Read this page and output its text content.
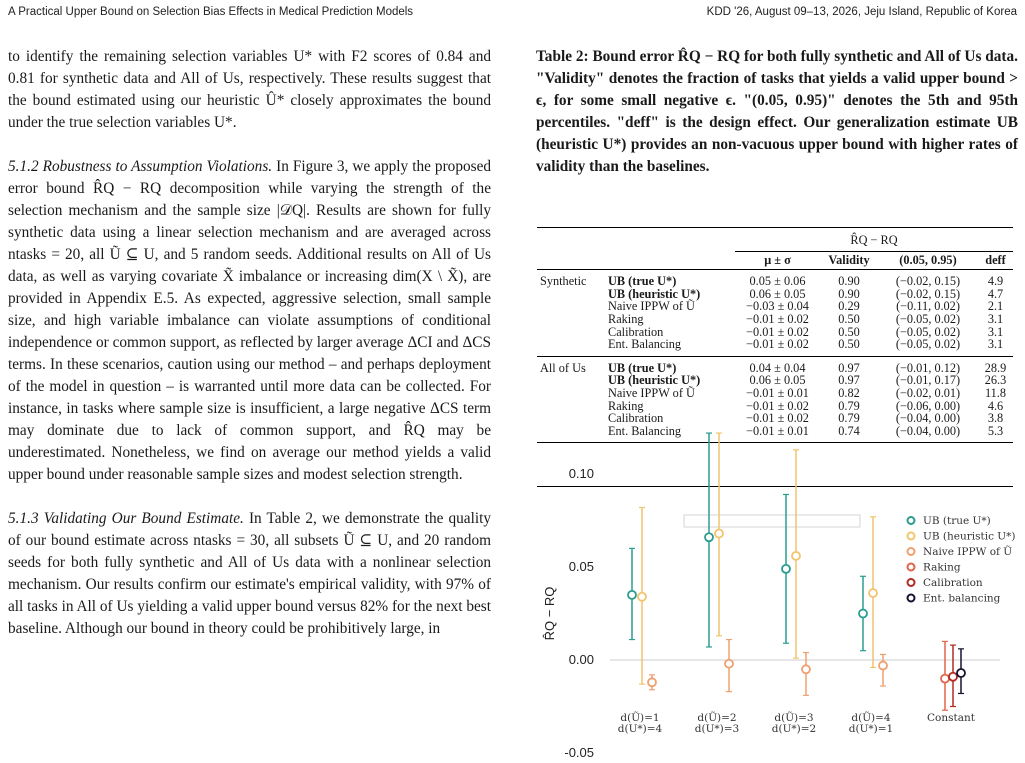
A Practical Upper Bound on Selection Bias Effects in Medical Prediction Models	KDD '26, August 09–13, 2026, Jeju Island, Republic of Korea

to identify the remaining selection variables U* with F2 scores of 0.84 and 0.81 for synthetic data and All of Us, respectively. These results suggest that the bound estimated using our heuristic Û* closely approximates the bound under the true selection variables U*.

5.1.2 Robustness to Assumption Violations. In Figure 3, we apply the proposed error bound R̂Q − RQ decomposition while varying the strength of the selection mechanism and the sample size |𝒟Q|. Results are shown for fully synthetic data using a linear selection mechanism and are averaged across ntasks = 20, all Ũ ⊆ U, and 5 random seeds. Additional results on All of Us data, as well as varying covariate X̃ imbalance or increasing dim(X \ X̃), are provided in Appendix E.5. As expected, aggressive selection, small sample size, and high variable imbalance can violate assumptions of conditional independence or common support, as reflected by larger average ΔCI and ΔCS terms. In these scenarios, caution using our method – and perhaps deployment of the model in question – is warranted until more data can be collected. For instance, in tasks where sample size is insufficient, a large negative ΔCS term may dominate due to lack of common support, and R̂Q may be underestimated. Nonetheless, we find on average our method yields a valid upper bound under reasonable sample sizes and modest selection strength.

5.1.3 Validating Our Bound Estimate. In Table 2, we demonstrate the quality of our bound estimate across ntasks = 30, all subsets Ũ ⊆ U, and 20 random seeds for both fully synthetic and All of Us data with a nonlinear selection mechanism. Our results confirm our estimate's empirical validity, with 97% of all tasks in All of Us yielding a valid upper bound versus 82% for the next best baseline. Although our bound in theory could be prohibitively large, in

Table 2: Bound error R̂Q − RQ for both fully synthetic and All of Us data. "Validity" denotes the fraction of tasks that yields a valid upper bound > ϵ, for some small negative ϵ. "(0.05, 0.95)" denotes the 5th and 95th percentiles. "deff" is the design effect. Our generalization estimate UB (heuristic U*) provides an non-vacuous upper bound with higher rates of validity than the baselines.
		R̂Q − RQ			
		μ ± σ	Validity	(0.05, 0.95)	deff
Synthetic	UB (true U*)	0.05 ± 0.06	0.90	(−0.02, 0.15)	4.9
	UB (heuristic U*)	0.06 ± 0.05	0.90	(−0.02, 0.15)	4.7
	Naive IPPW of Ũ	−0.03 ± 0.04	0.29	(−0.11, 0.02)	2.1
	Raking	−0.01 ± 0.02	0.50	(−0.05, 0.02)	3.1
	Calibration	−0.01 ± 0.02	0.50	(−0.05, 0.02)	3.1
	Ent. Balancing	−0.01 ± 0.02	0.50	(−0.05, 0.02)	3.1
All of Us	UB (true U*)	0.04 ± 0.04	0.97	(−0.01, 0.12)	28.9
	UB (heuristic U*)	0.06 ± 0.05	0.97	(−0.01, 0.17)	26.3
	Naive IPPW of Ũ	−0.01 ± 0.01	0.82	(−0.02, 0.01)	11.8
	Raking	−0.01 ± 0.02	0.79	(−0.06, 0.00)	4.6
	Calibration	−0.01 ± 0.02	0.79	(−0.04, 0.00)	3.8
	Ent. Balancing	−0.01 ± 0.01	0.74	(−0.04, 0.00)	5.3
0.10
0.05
0.00
-0.05
R̂Q − RQ
d(Ũ)=1
d(U*)=4
d(Ũ)=2
d(U*)=3
d(Ũ)=3
d(U*)=2
d(Ũ)=4
d(U*)=1
Constant
UB (true U*)
UB (heuristic U*)
Naive IPPW of Ũ
Raking
Calibration
Ent. balancing
